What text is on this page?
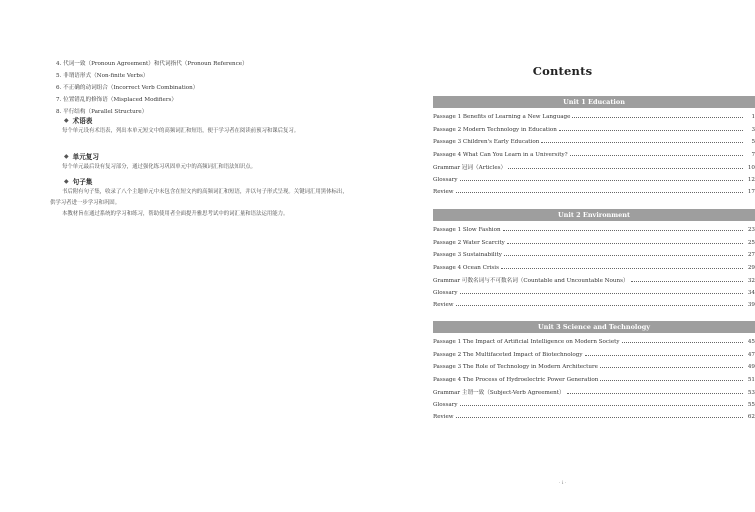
4. 代词一致（Pronoun Agreement）和代词指代（Pronoun Reference）
5. 非谓语形式（Non-finite Verbs）
6. 不正确的动词组合（Incorrect Verb Combination）
7. 位置错乱的修饰语（Misplaced Modifiers）
8. 平行结构（Parallel Structure）
◆ 术语表

每个单元设有术语表，列出本单元短文中的高频词汇和短语，便于学习者在阅读前预习和课后复习。

◆ 单元复习

每个单元最后设有复习部分，通过强化练习巩固单元中的高频词汇和语法知识点。

◆ 句子集

书后附有句子集，收录了八个主题单元中未包含在短文内的高频词汇和短语，并以句子形式呈现。关键词汇用黑体标出，供学习者进一步学习和巩固。

本教材旨在通过系统的学习和练习，帮助使用者全面提升雅思考试中的词汇量和语法运用能力。

Contents
Unit 1 Education
Passage 1 Benefits of Learning a New Language	1
Passage 2 Modern Technology in Education	3
Passage 3 Children's Early Education	5
Passage 4 What Can You Learn in a University?	7
Grammar 冠词（Articles）	10
Glossary	12
Review	17
Unit 2 Environment
Passage 1 Slow Fashion	23
Passage 2 Water Scarcity	25
Passage 3 Sustainability	27
Passage 4 Ocean Crisis	29
Grammar 可数名词与不可数名词（Countable and Uncountable Nouns）	32
Glossary	34
Review	39
Unit 3 Science and Technology
Passage 1 The Impact of Artificial Intelligence on Modern Society	45
Passage 2 The Multifaceted Impact of Biotechnology	47
Passage 3 The Role of Technology in Modern Architecture	49
Passage 4 The Process of Hydroelectric Power Generation	51
Grammar 主谓一致（Subject-Verb Agreement）	53
Glossary	55
Review	62
· i ·
